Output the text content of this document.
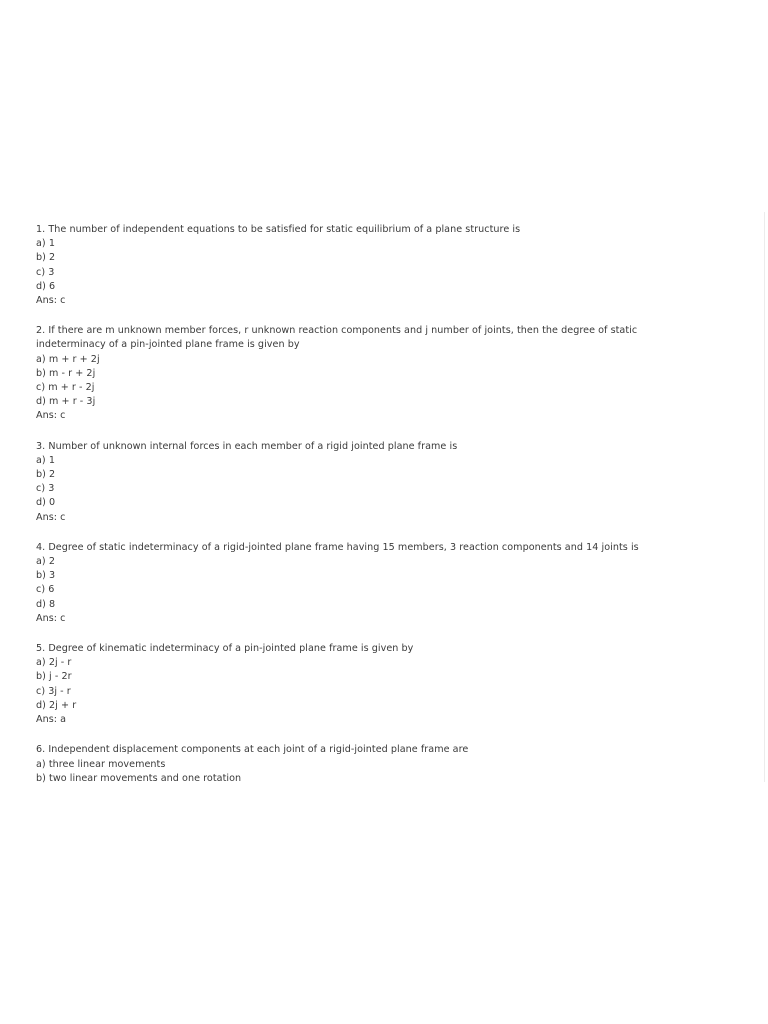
1. The number of independent equations to be satisfied for static equilibrium of a plane structure is
a) 1
b) 2
c) 3
d) 6
Ans: c
2. If there are m unknown member forces, r unknown reaction components and j number of joints, then the degree of static
indeterminacy of a pin-jointed plane frame is given by
a) m + r + 2j
b) m - r + 2j
c) m + r - 2j
d) m + r - 3j
Ans: c
3. Number of unknown internal forces in each member of a rigid jointed plane frame is
a) 1
b) 2
c) 3
d) 0
Ans: c
4. Degree of static indeterminacy of a rigid-jointed plane frame having 15 members, 3 reaction components and 14 joints is
a) 2
b) 3
c) 6
d) 8
Ans: c
5. Degree of kinematic indeterminacy of a pin-jointed plane frame is given by
a) 2j - r
b) j - 2r
c) 3j - r
d) 2j + r
Ans: a
6. Independent displacement components at each joint of a rigid-jointed plane frame are
a) three linear movements
b) two linear movements and one rotation
